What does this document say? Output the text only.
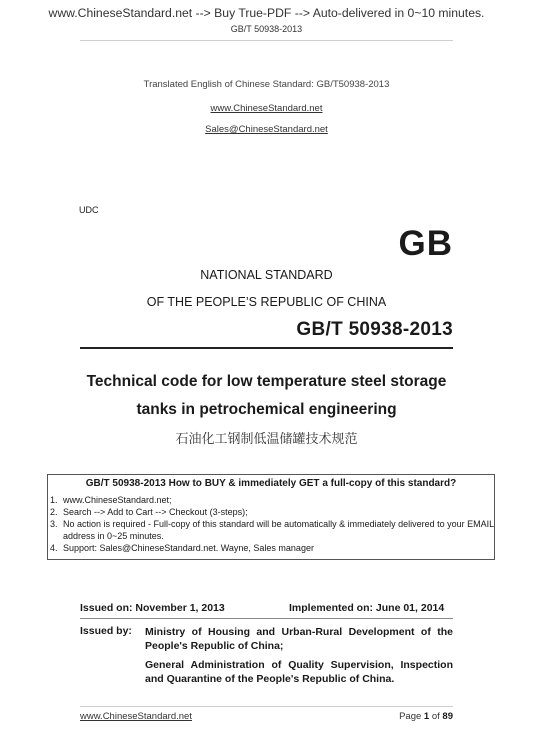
www.ChineseStandard.net --> Buy True-PDF --> Auto-delivered in 0~10 minutes.
GB/T 50938-2013
Translated English of Chinese Standard: GB/T50938-2013
www.ChineseStandard.net
Sales@ChineseStandard.net
UDC
GB
NATIONAL STANDARD
OF THE PEOPLE’S REPUBLIC OF CHINA
GB/T 50938-2013
Technical code for low temperature steel storage
tanks in petrochemical engineering
石油化工钢制低温储罐技术规范
GB/T 50938-2013 How to BUY & immediately GET a full-copy of this standard?
1. www.ChineseStandard.net;
2. Search --> Add to Cart --> Checkout (3-steps);
3. No action is required - Full-copy of this standard will be automatically & immediately delivered to your EMAIL address in 0~25 minutes.
4. Support: Sales@ChineseStandard.net. Wayne, Sales manager
Issued on: November 1, 2013	Implemented on: June 01, 2014
Issued by: Ministry of Housing and Urban-Rural Development of the People's Republic of China;
General Administration of Quality Supervision, Inspection and Quarantine of the People's Republic of China.
www.ChineseStandard.net	Page 1 of 89
